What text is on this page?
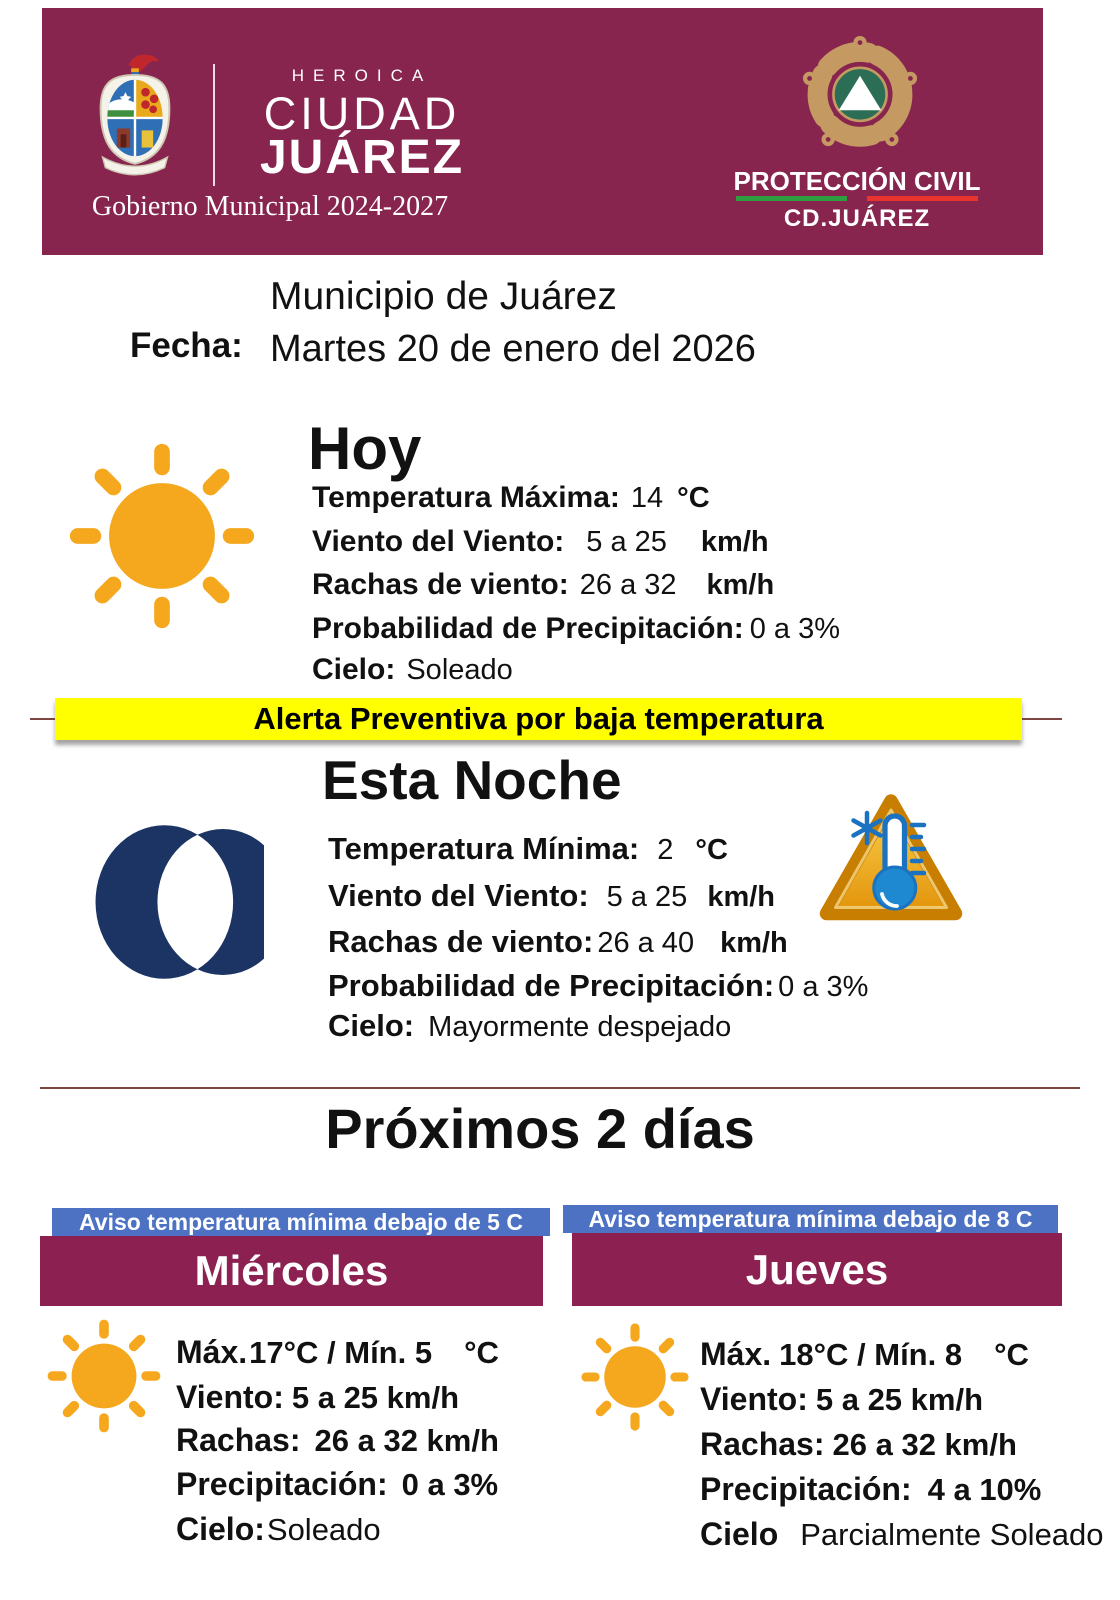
HEROICA
CIUDAD
JUÁREZ
Gobierno Municipal 2024-2027
PROTECCIÓN CIVIL
CD.JUÁREZ
Fecha:
Municipio de Juárez
Martes 20 de enero del 2026
Hoy
Temperatura Máxima: 14 °C
Viento del Viento: 5 a 25 km/h
Rachas de viento: 26 a 32 km/h
Probabilidad de Precipitación: 0 a 3%
Cielo: Soleado
Alerta Preventiva por baja temperatura
Esta Noche
Temperatura Mínima: 2 °C
Viento del Viento: 5 a 25 km/h
Rachas de viento: 26 a 40 km/h
Probabilidad de Precipitación: 0 a 3%
Cielo: Mayormente despejado
Próximos 2 días
Aviso temperatura mínima debajo de 5 C
Miércoles
Máx. 17°C / Mín. 5 °C
Viento: 5 a 25 km/h
Rachas: 26 a 32 km/h
Precipitación: 0 a 3%
Cielo: Soleado
Aviso temperatura mínima debajo de 8 C
Jueves
Máx. 18°C / Mín. 8 °C
Viento: 5 a 25 km/h
Rachas: 26 a 32 km/h
Precipitación: 4 a 10%
Cielo Parcialmente Soleado
